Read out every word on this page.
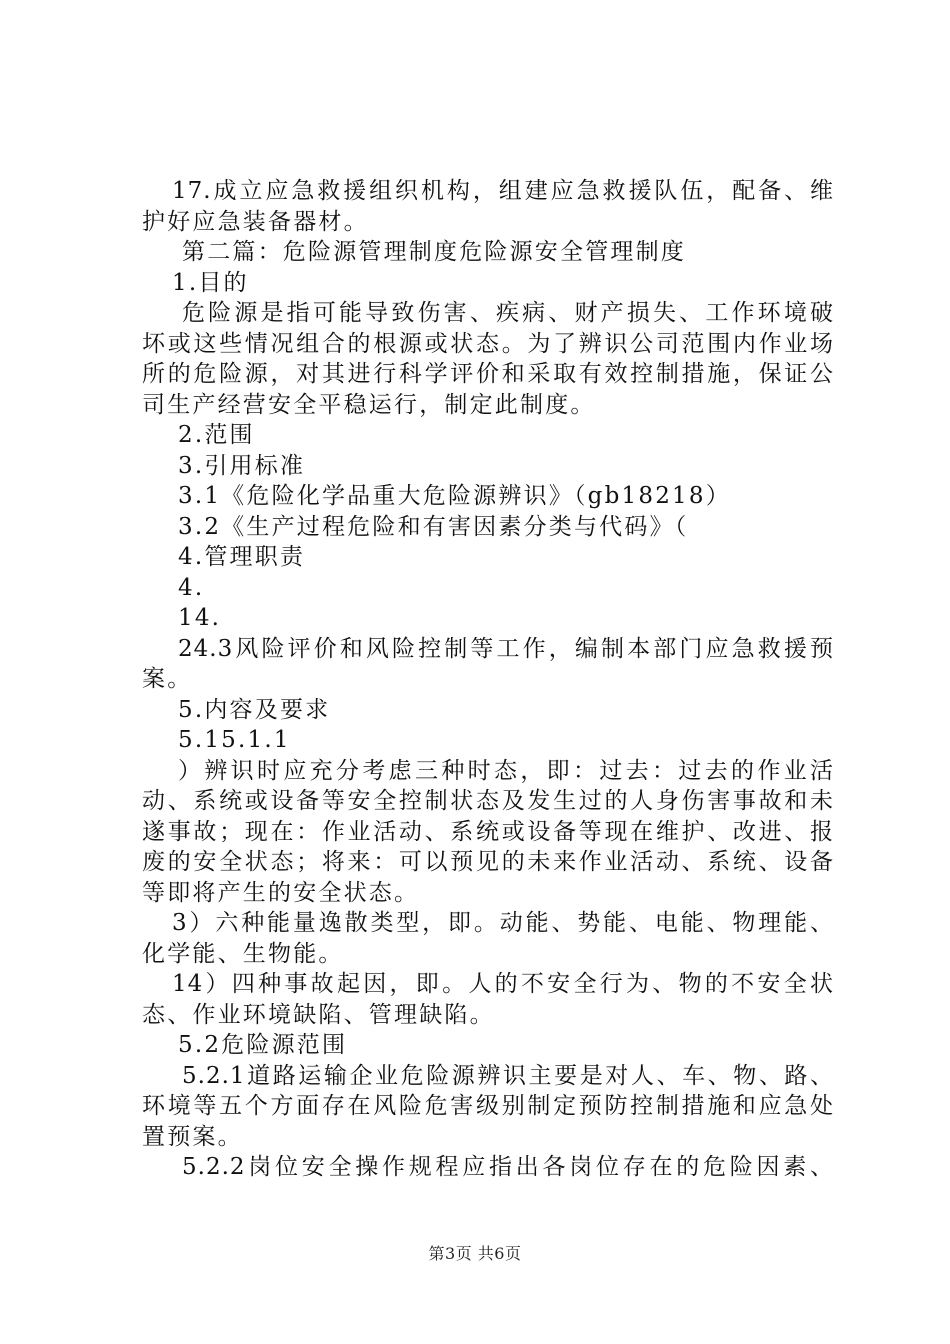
17.成立应急救援组织机构，组建应急救援队伍，配备、维
护好应急装备器材。
第二篇：危险源管理制度危险源安全管理制度
1.目的
危险源是指可能导致伤害、疾病、财产损失、工作环境破
坏或这些情况组合的根源或状态。为了辨识公司范围内作业场
所的危险源，对其进行科学评价和采取有效控制措施，保证公
司生产经营安全平稳运行，制定此制度。
2.范围
3.引用标准
3.1《危险化学品重大危险源辨识》（gb18218）
3.2《生产过程危险和有害因素分类与代码》（
4.管理职责
4.
14.
24.3风险评价和风险控制等工作，编制本部门应急救援预
案。
5.内容及要求
5.15.1.1
）辨识时应充分考虑三种时态，即：过去：过去的作业活
动、系统或设备等安全控制状态及发生过的人身伤害事故和未
遂事故；现在：作业活动、系统或设备等现在维护、改进、报
废的安全状态；将来：可以预见的未来作业活动、系统、设备
等即将产生的安全状态。
3）六种能量逸散类型，即。动能、势能、电能、物理能、
化学能、生物能。
14）四种事故起因，即。人的不安全行为、物的不安全状
态、作业环境缺陷、管理缺陷。
5.2危险源范围
5.2.1道路运输企业危险源辨识主要是对人、车、物、路、
环境等五个方面存在风险危害级别制定预防控制措施和应急处
置预案。
5.2.2岗位安全操作规程应指出各岗位存在的危险因素、
第3页 共6页
